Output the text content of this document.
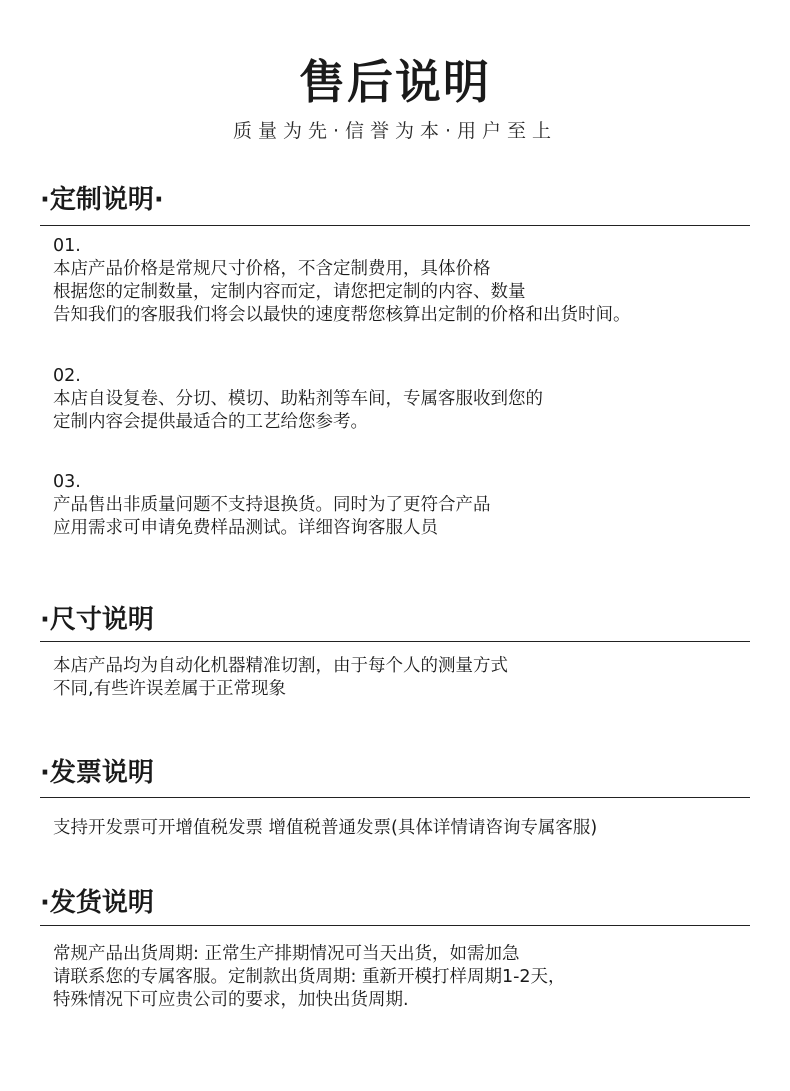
售后说明
质量为先·信誉为本·用户至上
·定制说明·
01.
本店产品价格是常规尺寸价格，不含定制费用，具体价格
根据您的定制数量，定制内容而定，请您把定制的内容、数量
告知我们的客服我们将会以最快的速度帮您核算出定制的价格和出货时间。
02.
本店自设复卷、分切、模切、助粘剂等车间，专属客服收到您的
定制内容会提供最适合的工艺给您参考。
03.
产品售出非质量问题不支持退换货。同时为了更符合产品
应用需求可申请免费样品测试。详细咨询客服人员
·尺寸说明
本店产品均为自动化机器精准切割，由于每个人的测量方式
不同,有些许误差属于正常现象
·发票说明
支持开发票可开增值税发票 增值税普通发票(具体详情请咨询专属客服)
·发货说明
常规产品出货周期: 正常生产排期情况可当天出货，如需加急
请联系您的专属客服。定制款出货周期: 重新开模打样周期1-2天，
特殊情况下可应贵公司的要求，加快出货周期.
